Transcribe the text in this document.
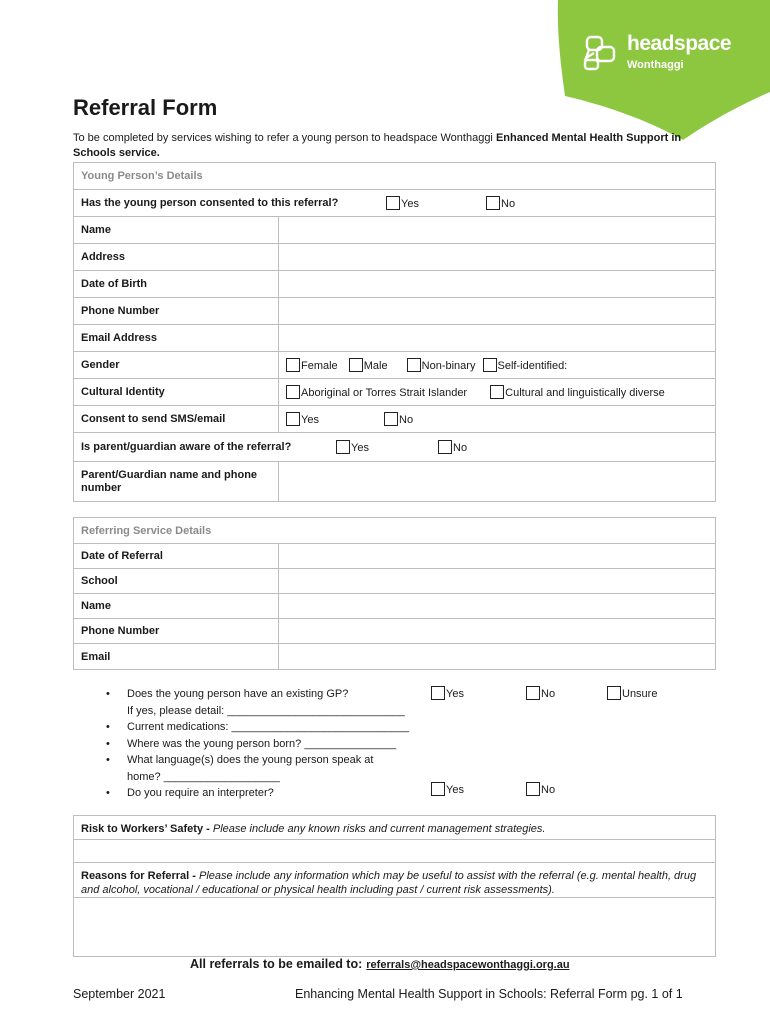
headspace
Wonthaggi
Referral Form
To be completed by services wishing to refer a young person to headspace Wonthaggi Enhanced Mental Health Support in Schools service.
Young Person’s Details	
Has the young person consented to this referral? Yes No	

Name	
Address	
Date of Birth	
Phone Number	
Email Address	
Gender	Female Male Non-binary Self-identified:
Cultural Identity	Aboriginal or Torres Strait Islander Cultural and linguistically diverse
Consent to send SMS/email	Yes No
Is parent/guardian aware of the referral? Yes No	

Parent/Guardian name and phone number	
Referring Service Details	
Date of Referral	
School	
Name	
Phone Number	
Email	
• Does the young person have an existing GP?
If yes, please detail: _____________________________
• Current medications: _____________________________
• Where was the young person born? _______________
• What language(s) does the young person speak at
home? ___________________
• Do you require an interpreter?
Yes	No	Unsure
Yes	No
Risk to Workers’ Safety - Please include any known risks and current management strategies.
Reasons for Referral - Please include any information which may be useful to assist with the referral (e.g. mental health, drug and alcohol, vocational / educational or physical health including past / current risk assessments).
All referrals to be emailed to: referrals@headspacewonthaggi.org.au
September 2021	Enhancing Mental Health Support in Schools: Referral Form pg. 1 of 1
